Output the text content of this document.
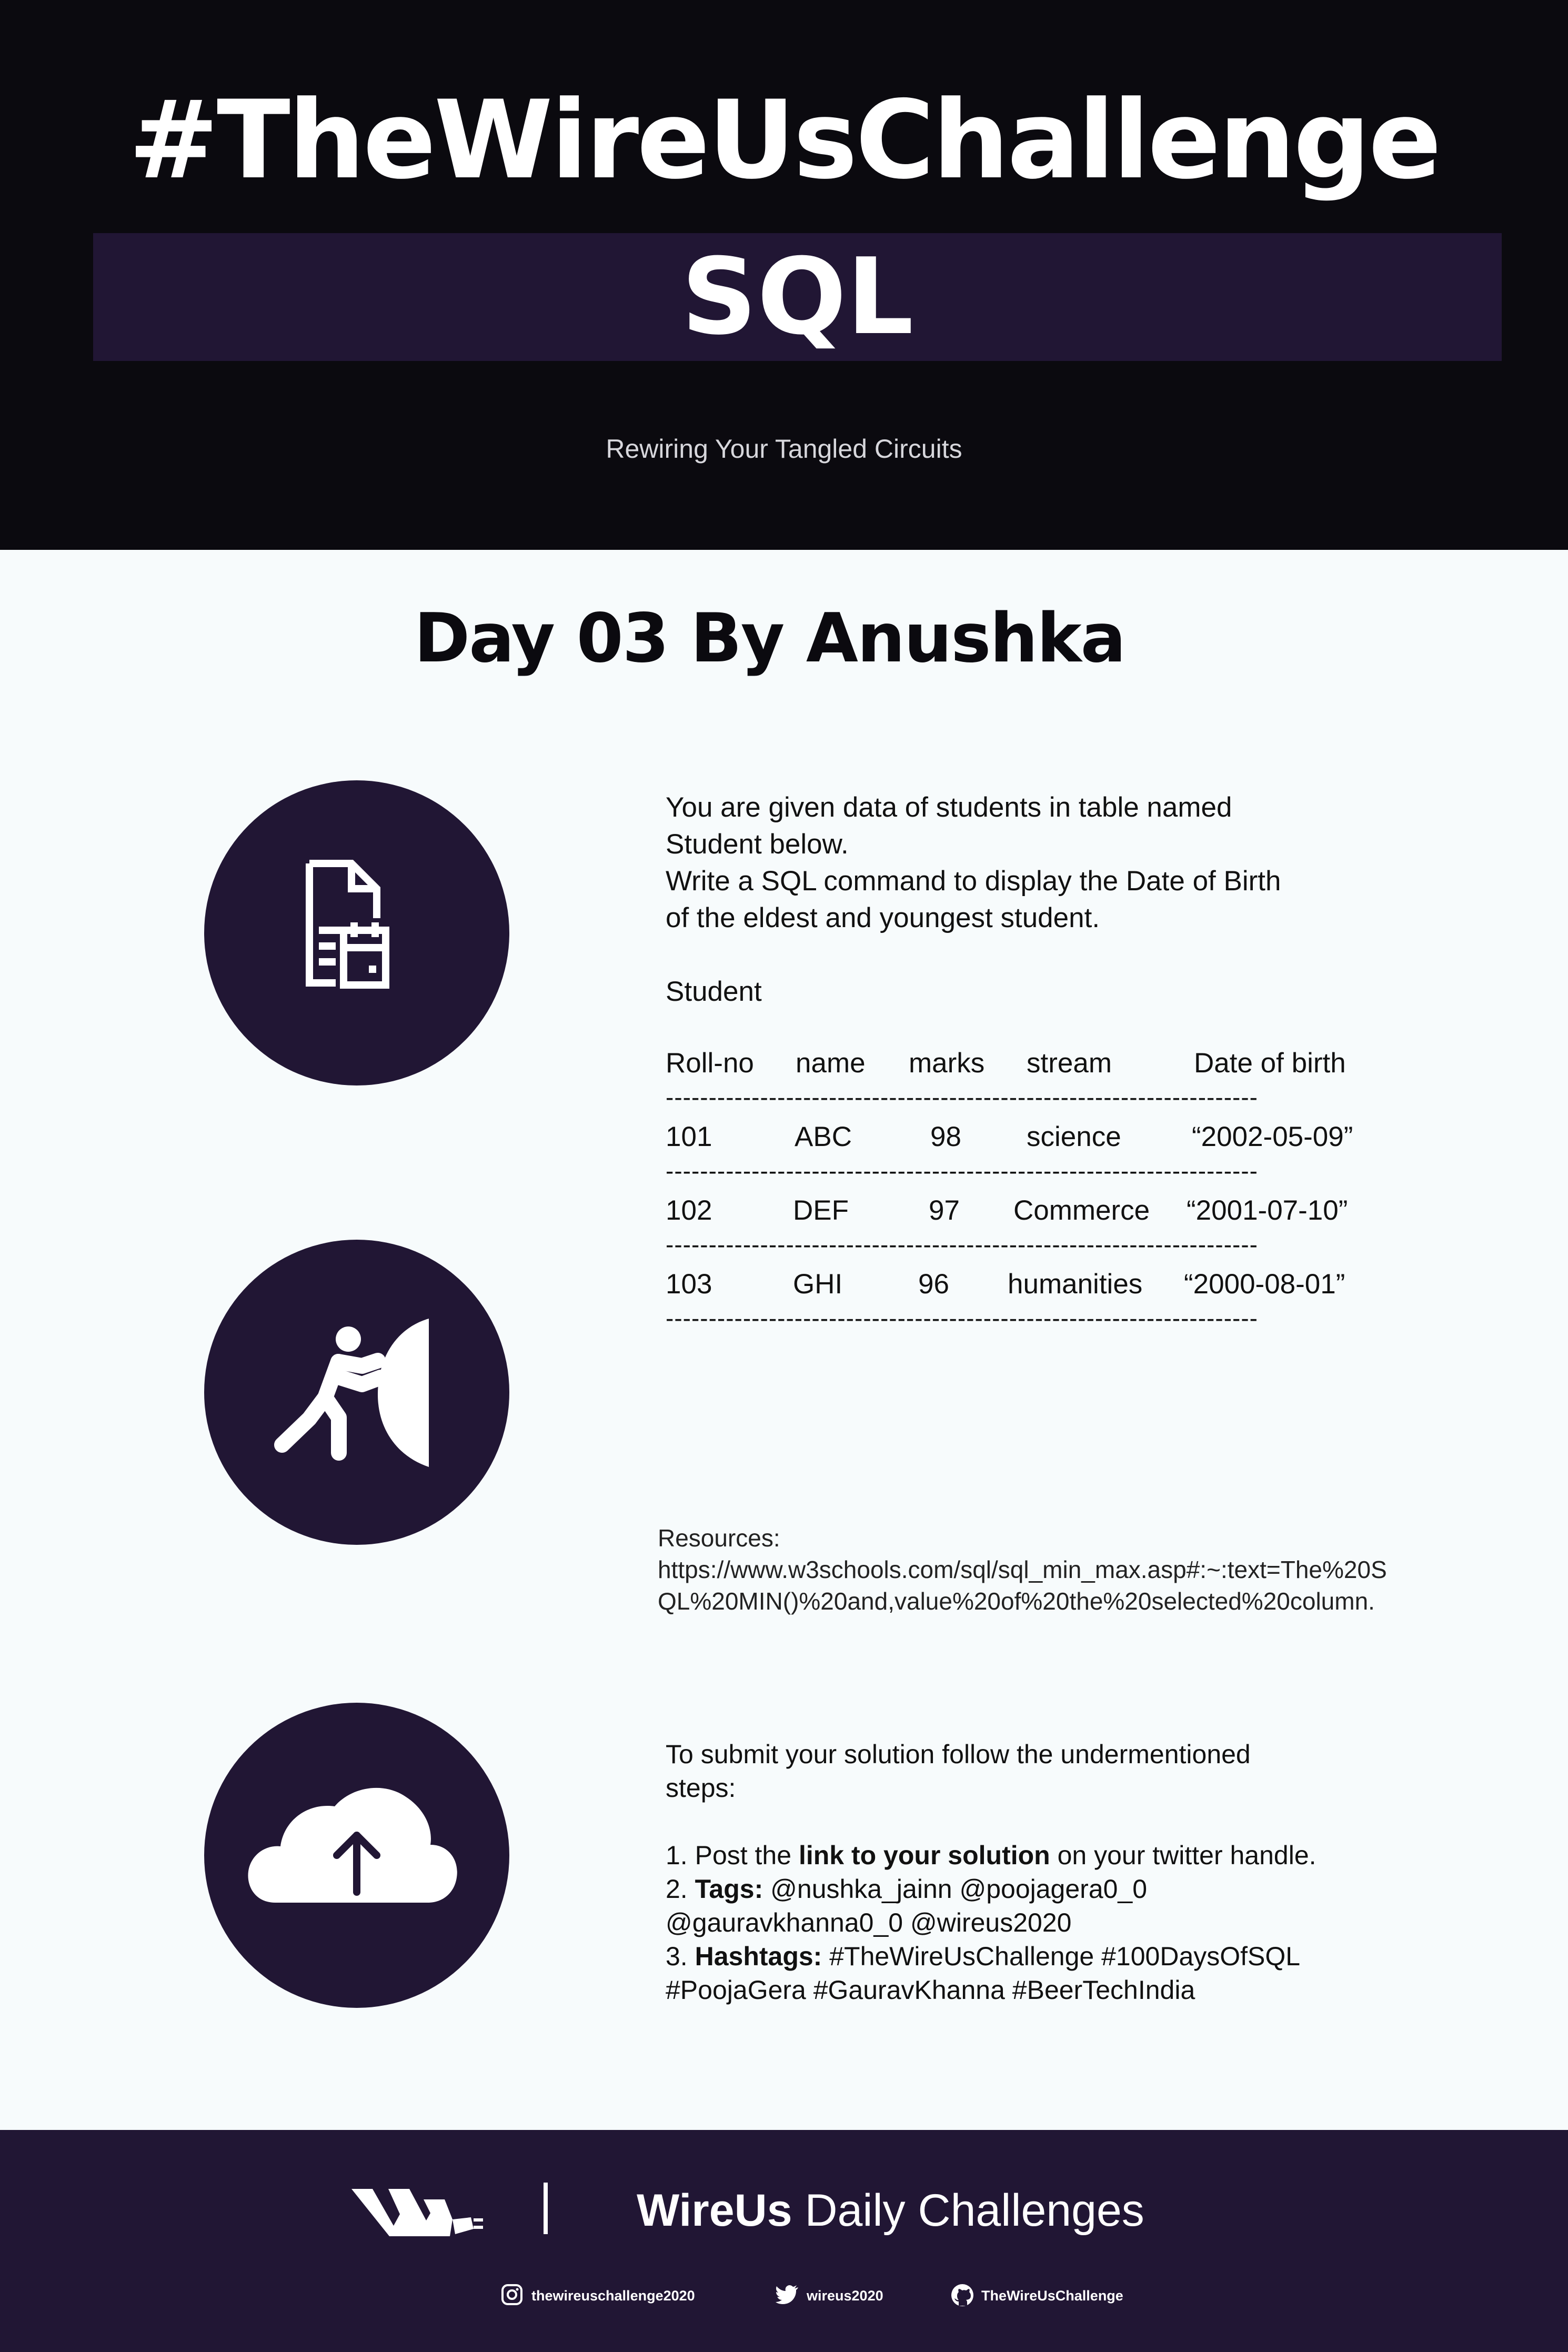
#TheWireUsChallenge
SQL
Rewiring Your Tangled Circuits
Day 03 By Anushka

You are given data of students in table named

Student below.

Write a SQL command to display the Date of Birth

of the eldest and youngest student.

Student

Roll-no name marks stream	Date of birth
---------------------------------------------------------------------
101	ABC	98 science	“2002-05-09”
---------------------------------------------------------------------
102	DEF	97 Commerce “2001-07-10”
---------------------------------------------------------------------
103	GHI	96 humanities “2000-08-01”
---------------------------------------------------------------------

Resources:

https://www.w3schools.com/sql/sql_min_max.asp#:~:text=The%20SQL%20MIN()%20and,value%20of%20the%20selected%20column.

To submit your solution follow the undermentioned

steps:

1. Post the link to your solution on your twitter handle.

2. Tags: @nushka_jainn @poojagera0_0

@gauravkhanna0_0 @wireus2020

3. Hashtags: #TheWireUsChallenge #100DaysOfSQL

#PoojaGera #GauravKhanna #BeerTechIndia

WireUs Daily Challenges
thewireuschallenge2020	wireus2020	TheWireUsChallenge
